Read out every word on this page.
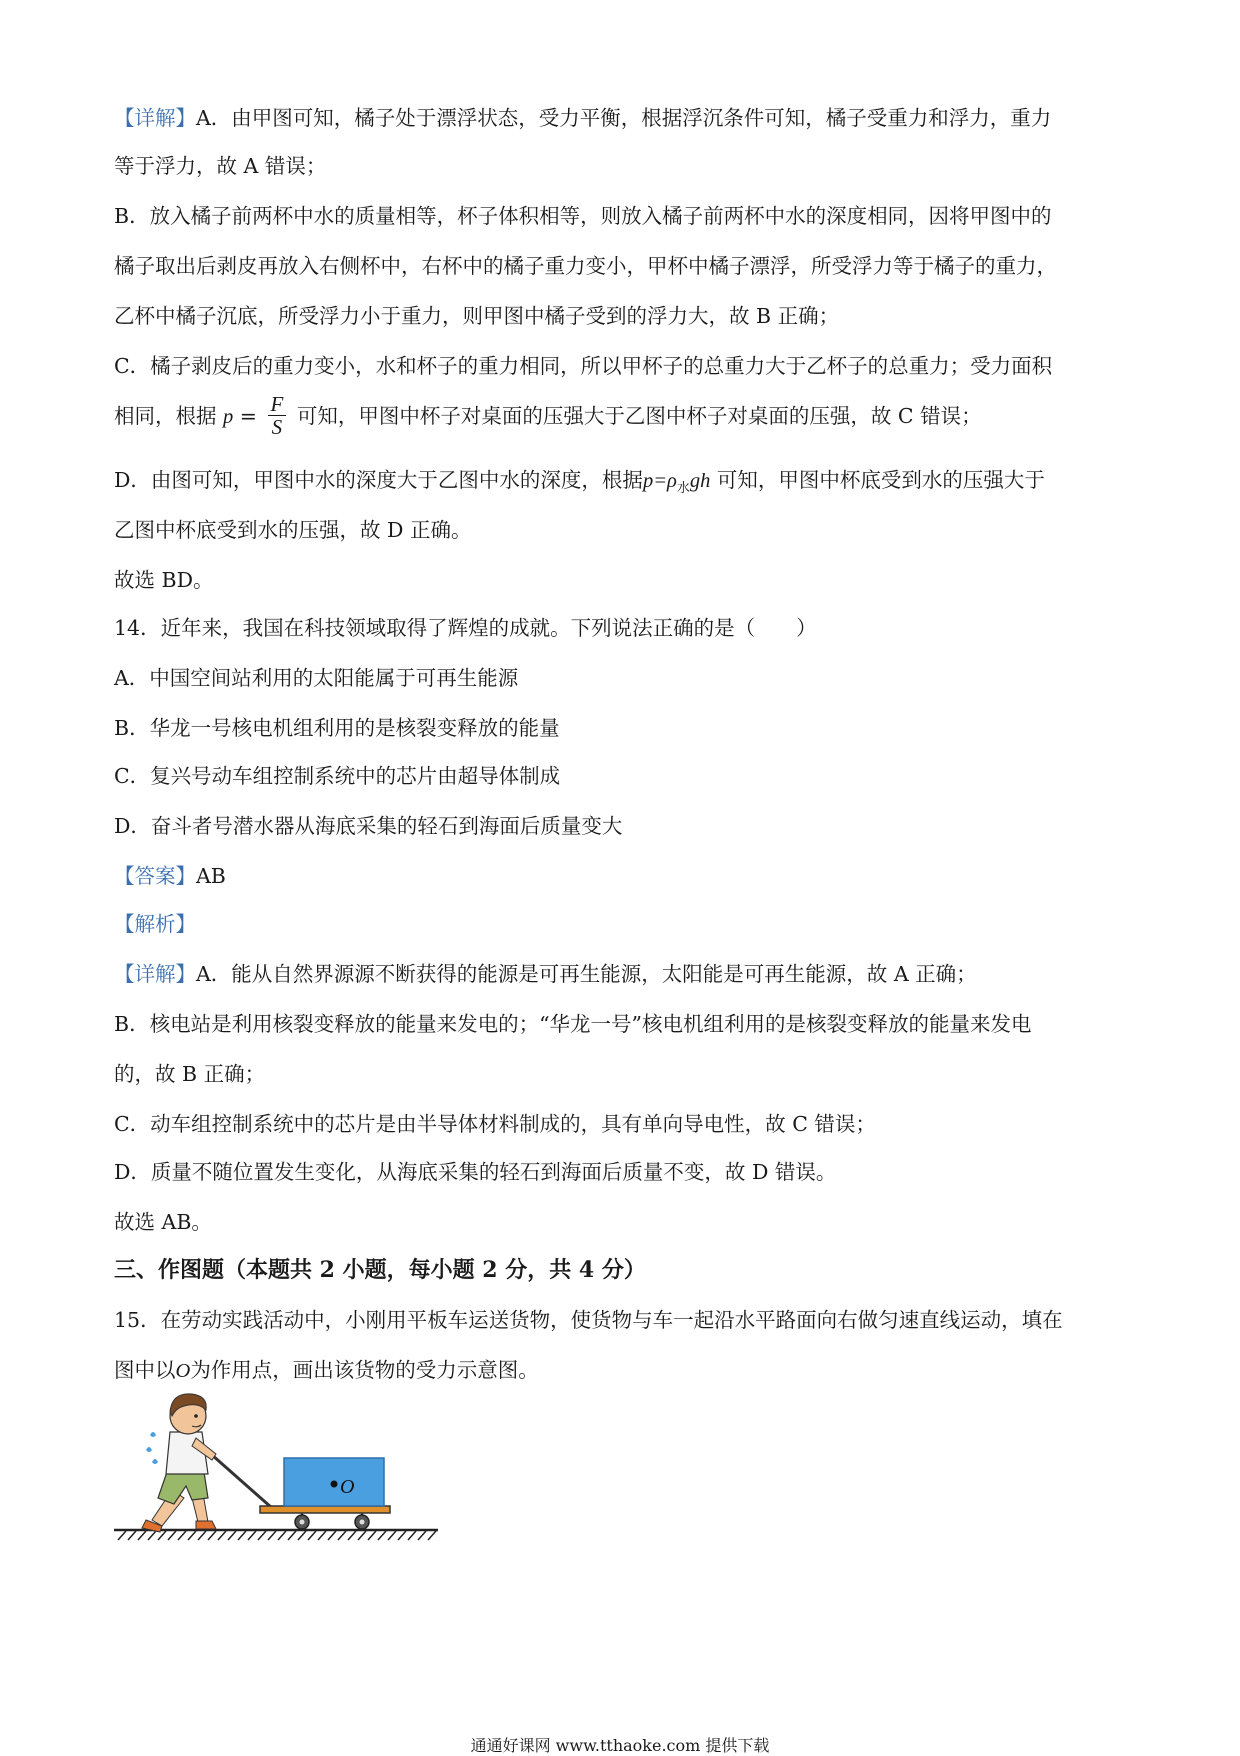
【详解】A．由甲图可知，橘子处于漂浮状态，受力平衡，根据浮沉条件可知，橘子受重力和浮力，重力
等于浮力，故 A 错误；
B．放入橘子前两杯中水的质量相等，杯子体积相等，则放入橘子前两杯中水的深度相同，因将甲图中的
橘子取出后剥皮再放入右侧杯中，右杯中的橘子重力变小，甲杯中橘子漂浮，所受浮力等于橘子的重力，
乙杯中橘子沉底，所受浮力小于重力，则甲图中橘子受到的浮力大，故 B 正确；
C．橘子剥皮后的重力变小，水和杯子的重力相同，所以甲杯子的总重力大于乙杯子的总重力；受力面积
相同，根据 $p = \frac{F}{S}$ 可知，甲图中杯子对桌面的压强大于乙图中杯子对桌面的压强，故 C 错误；
D．由图可知，甲图中水的深度大于乙图中水的深度，根据$p=\rho_水gh$ 可知，甲图中杯底受到水的压强大于
乙图中杯底受到水的压强，故 D 正确。
故选 BD。
14．近年来，我国在科技领域取得了辉煌的成就。下列说法正确的是（　　）
A．中国空间站利用的太阳能属于可再生能源
B．华龙一号核电机组利用的是核裂变释放的能量
C．复兴号动车组控制系统中的芯片由超导体制成
D．奋斗者号潜水器从海底采集的轻石到海面后质量变大
【答案】AB
【解析】
【详解】A．能从自然界源源不断获得的能源是可再生能源，太阳能是可再生能源，故 A 正确；
B．核电站是利用核裂变释放的能量来发电的；“华龙一号”核电机组利用的是核裂变释放的能量来发电
的，故 B 正确；
C．动车组控制系统中的芯片是由半导体材料制成的，具有单向导电性，故 C 错误；
D．质量不随位置发生变化，从海底采集的轻石到海面后质量不变，故 D 错误。
故选 AB。
三、作图题（本题共 2 小题，每小题 2 分，共 4 分）
15．在劳动实践活动中，小刚用平板车运送货物，使货物与车一起沿水平路面向右做匀速直线运动，填在
图中以O为作用点，画出该货物的受力示意图。
O
通通好课网 www.tthaoke.com 提供下载
